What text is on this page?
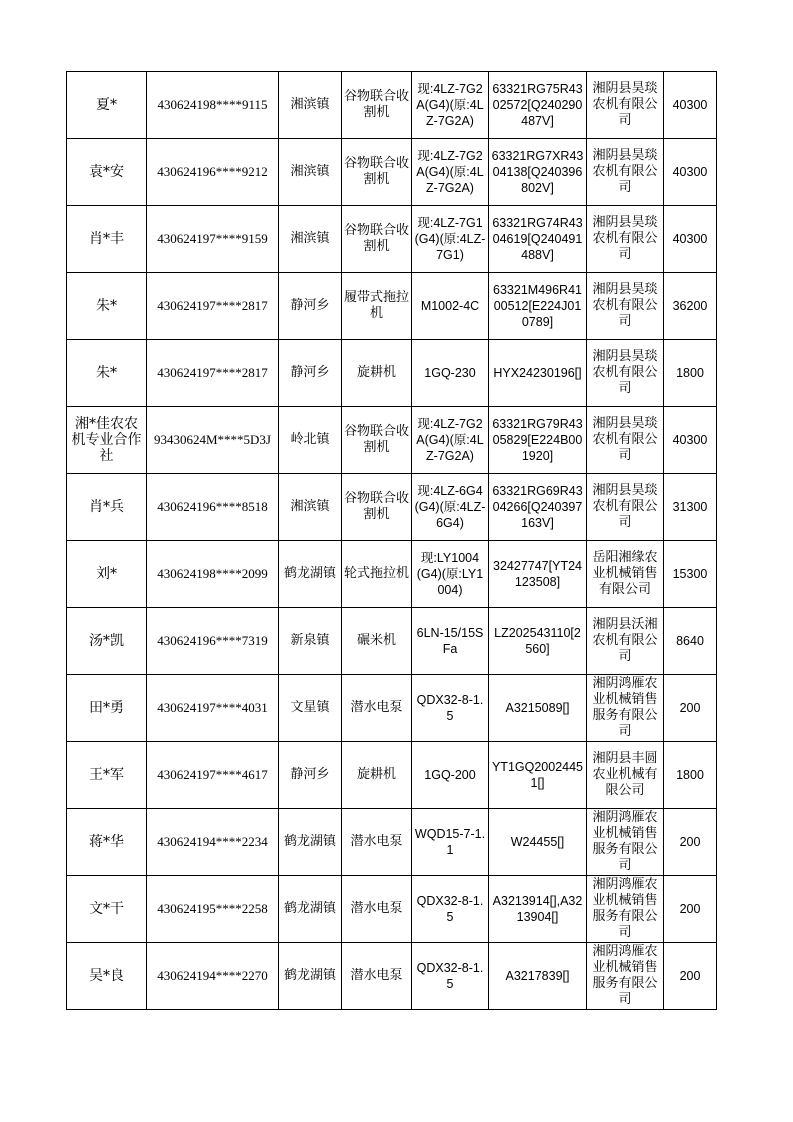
夏*	430624198****9115	湘滨镇	谷物联合收割机	现:4LZ-7G2A(G4)(原:4LZ-7G2A)	63321RG75R4302572[Q240290487V]	湘阴县昊琰农机有限公司	40300
袁*安	430624196****9212	湘滨镇	谷物联合收割机	现:4LZ-7G2A(G4)(原:4LZ-7G2A)	63321RG7XR4304138[Q240396802V]	湘阴县昊琰农机有限公司	40300
肖*丰	430624197****9159	湘滨镇	谷物联合收割机	现:4LZ-7G1(G4)(原:4LZ-7G1)	63321RG74R4304619[Q240491488V]	湘阴县昊琰农机有限公司	40300
朱*	430624197****2817	静河乡	履带式拖拉机	M1002-4C	63321M496R4100512[E224J010789]	湘阴县昊琰农机有限公司	36200
朱*	430624197****2817	静河乡	旋耕机	1GQ-230	HYX24230196[]	湘阴县昊琰农机有限公司	1800
湘*佳农农机专业合作社	93430624M****5D3J	岭北镇	谷物联合收割机	现:4LZ-7G2A(G4)(原:4LZ-7G2A)	63321RG79R4305829[E224B001920]	湘阴县昊琰农机有限公司	40300
肖*兵	430624196****8518	湘滨镇	谷物联合收割机	现:4LZ-6G4(G4)(原:4LZ-6G4)	63321RG69R4304266[Q240397163V]	湘阴县昊琰农机有限公司	31300
刘*	430624198****2099	鹤龙湖镇	轮式拖拉机	现:LY1004(G4)(原:LY1004)	32427747[YT24123508]	岳阳湘缘农业机械销售有限公司	15300
汤*凯	430624196****7319	新泉镇	碾米机	6LN-15/15SFa	LZ202543110[2560]	湘阴县沃湘农机有限公司	8640
田*勇	430624197****4031	文星镇	潜水电泵	QDX32-8-1.5	A3215089[]	湘阴鸿雁农业机械销售服务有限公司	200
王*军	430624197****4617	静河乡	旋耕机	1GQ-200	YT1GQ20024451[]	湘阴县丰圆农业机械有限公司	1800
蒋*华	430624194****2234	鹤龙湖镇	潜水电泵	WQD15-7-1.1	W24455[]	湘阴鸿雁农业机械销售服务有限公司	200
文*干	430624195****2258	鹤龙湖镇	潜水电泵	QDX32-8-1.5	A3213914[],A3213904[]	湘阴鸿雁农业机械销售服务有限公司	200
吴*良	430624194****2270	鹤龙湖镇	潜水电泵	QDX32-8-1.5	A3217839[]	湘阴鸿雁农业机械销售服务有限公司	200
